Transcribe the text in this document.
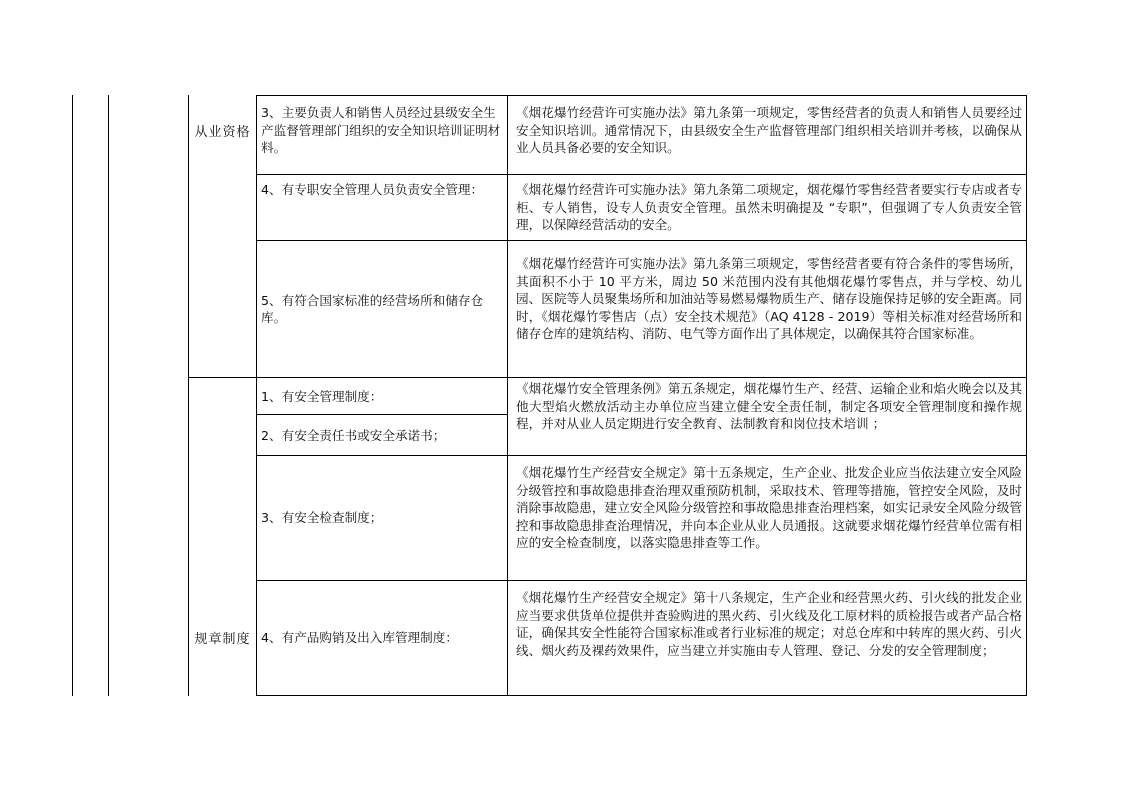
从业资格
3、主要负责人和销售人员经过县级安全生产监督管理部门组织的安全知识培训证明材料。
《烟花爆竹经营许可实施办法》第九条第一项规定，零售经营者的负责人和销售人员要经过安全知识培训。通常情况下，由县级安全生产监督管理部门组织相关培训并考核，以确保从业人员具备必要的安全知识。
4、有专职安全管理人员负责安全管理：	《烟花爆竹经营许可实施办法》第九条第二项规定，烟花爆竹零售经营者要实行专店或者专柜、专人销售，设专人负责安全管理。虽然未明确提及 “专职”，但强调了专人负责安全管理，以保障经营活动的安全。
5、有符合国家标准的经营场所和储存仓库。
《烟花爆竹经营许可实施办法》第九条第三项规定，零售经营者要有符合条件的零售场所，其面积不小于 10 平方米，周边 50 米范围内没有其他烟花爆竹零售点，并与学校、幼儿园、医院等人员聚集场所和加油站等易燃易爆物质生产、储存设施保持足够的安全距离。同时，《烟花爆竹零售店（点）安全技术规范》（AQ 4128 - 2019）等相关标准对经营场所和储存仓库的建筑结构、消防、电气等方面作出了具体规定，以确保其符合国家标准。
规章制度
1、有安全管理制度：
2、有安全责任书或安全承诺书；
《烟花爆竹安全管理条例》第五条规定，烟花爆竹生产、经营、运输企业和焰火晚会以及其他大型焰火燃放活动主办单位应当建立健全安全责任制，制定各项安全管理制度和操作规程，并对从业人员定期进行安全教育、法制教育和岗位技术培训 ；
3、有安全检查制度；
《烟花爆竹生产经营安全规定》第十五条规定，生产企业、批发企业应当依法建立安全风险分级管控和事故隐患排查治理双重预防机制，采取技术、管理等措施，管控安全风险，及时消除事故隐患，建立安全风险分级管控和事故隐患排查治理档案，如实记录安全风险分级管控和事故隐患排查治理情况，并向本企业从业人员通报。这就要求烟花爆竹经营单位需有相应的安全检查制度，以落实隐患排查等工作。
4、有产品购销及出入库管理制度：
《烟花爆竹生产经营安全规定》第十八条规定，生产企业和经营黑火药、引火线的批发企业应当要求供货单位提供并查验购进的黑火药、引火线及化工原材料的质检报告或者产品合格证，确保其安全性能符合国家标准或者行业标准的规定；对总仓库和中转库的黑火药、引火线、烟火药及裸药效果件，应当建立并实施由专人管理、登记、分发的安全管理制度；
